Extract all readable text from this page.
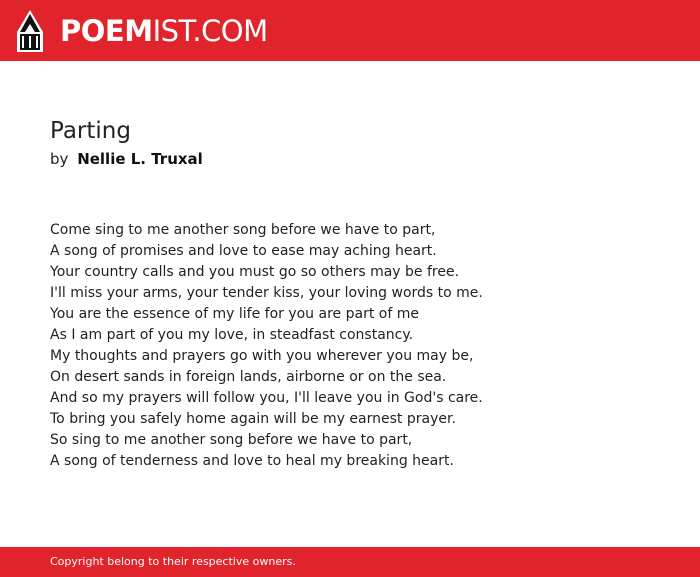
POEMIST.COM
Parting
by Nellie L. Truxal
Come sing to me another song before we have to part,
A song of promises and love to ease may aching heart.
Your country calls and you must go so others may be free.
I'll miss your arms, your tender kiss, your loving words to me.
You are the essence of my life for you are part of me
As I am part of you my love, in steadfast constancy.
My thoughts and prayers go with you wherever you may be,
On desert sands in foreign lands, airborne or on the sea.
And so my prayers will follow you, I'll leave you in God's care.
To bring you safely home again will be my earnest prayer.
So sing to me another song before we have to part,
A song of tenderness and love to heal my breaking heart.
Copyright belong to their respective owners.
